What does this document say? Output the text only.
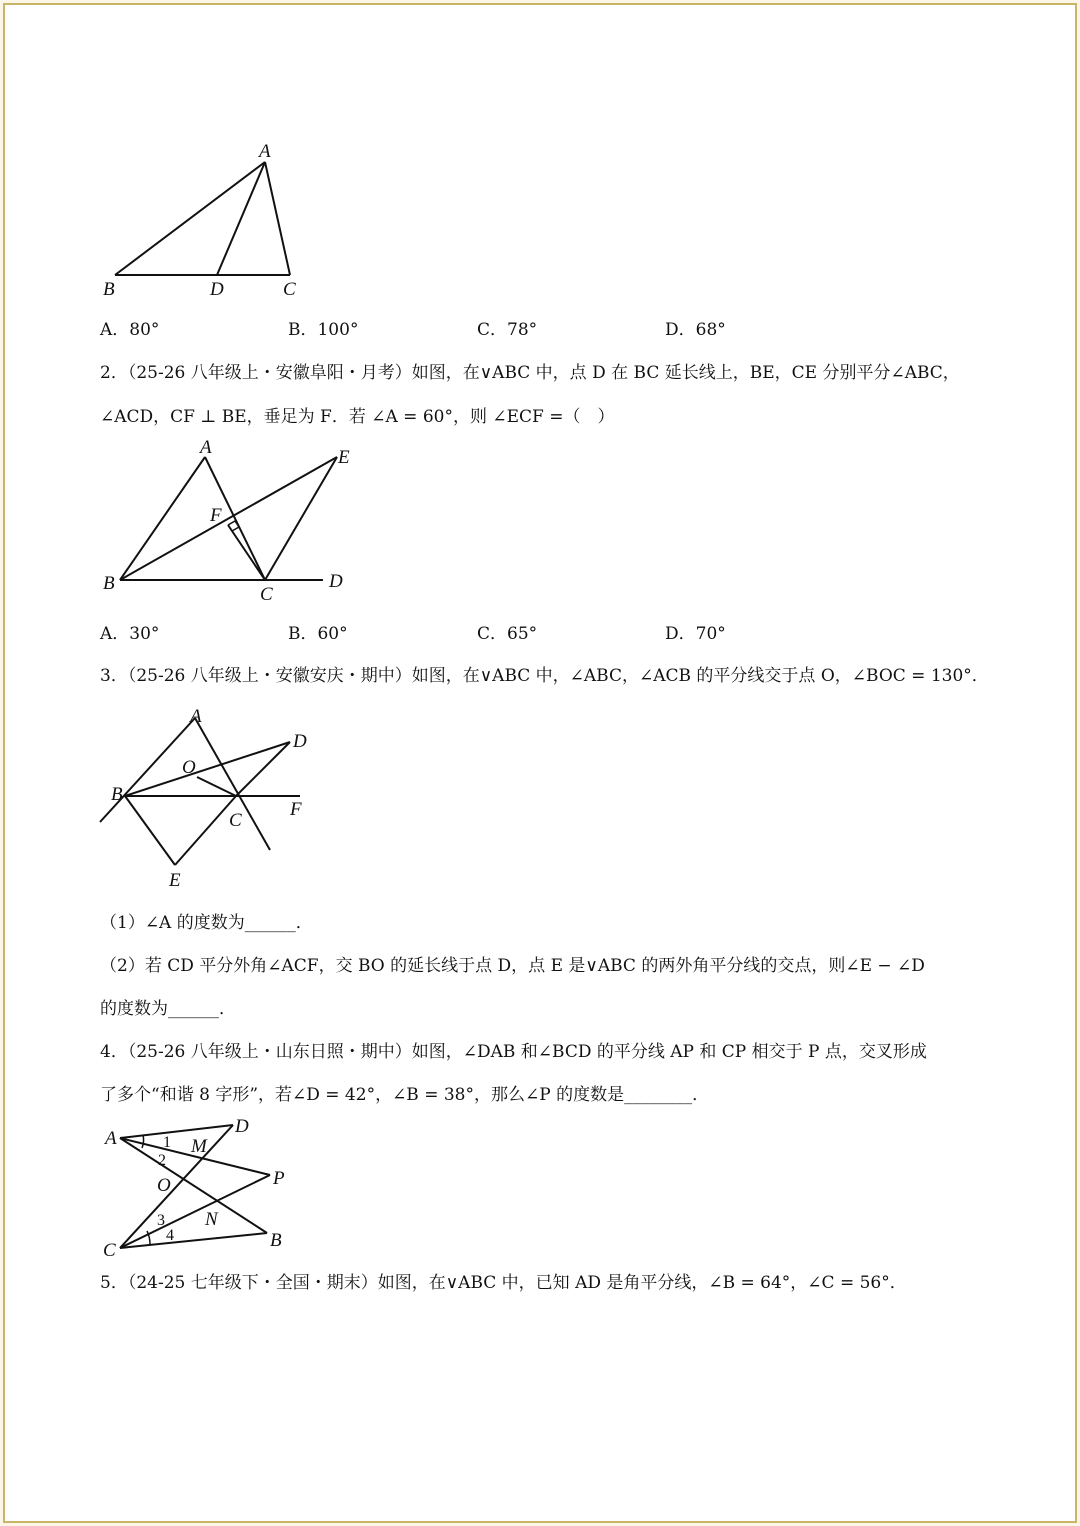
A
B	D	C
A．80°	B．100°	C．78°	D．68°
2．（25-26 八年级上・安徽阜阳・月考）如图，在∨ABC 中，点 D 在 BC 延长线上，BE，CE 分别平分∠ABC，
∠ACD，CF ⊥ BE，垂足为 F．若 ∠A = 60°，则 ∠ECF =（　）
A	E
F
B
C
D
A．30°	B．60°	C．65°	D．70°
3．（25-26 八年级上・安徽安庆・期中）如图，在∨ABC 中，∠ABC，∠ACB 的平分线交于点 O，∠BOC = 130°．
A
D
O
B
C
F
E
（1）∠A 的度数为______．
（2）若 CD 平分外角∠ACF，交 BO 的延长线于点 D，点 E 是∨ABC 的两外角平分线的交点，则∠E − ∠D
的度数为______．
4．（25-26 八年级上・山东日照・期中）如图，∠DAB 和∠BCD 的平分线 AP 和 CP 相交于 P 点，交叉形成
了多个“和谐 8 字形”，若∠D = 42°，∠B = 38°，那么∠P 的度数是________．
A
D
M
P
O
N
C	B
1
2
3
4
5．（24-25 七年级下・全国・期末）如图，在∨ABC 中，已知 AD 是角平分线，∠B = 64°，∠C = 56°．
